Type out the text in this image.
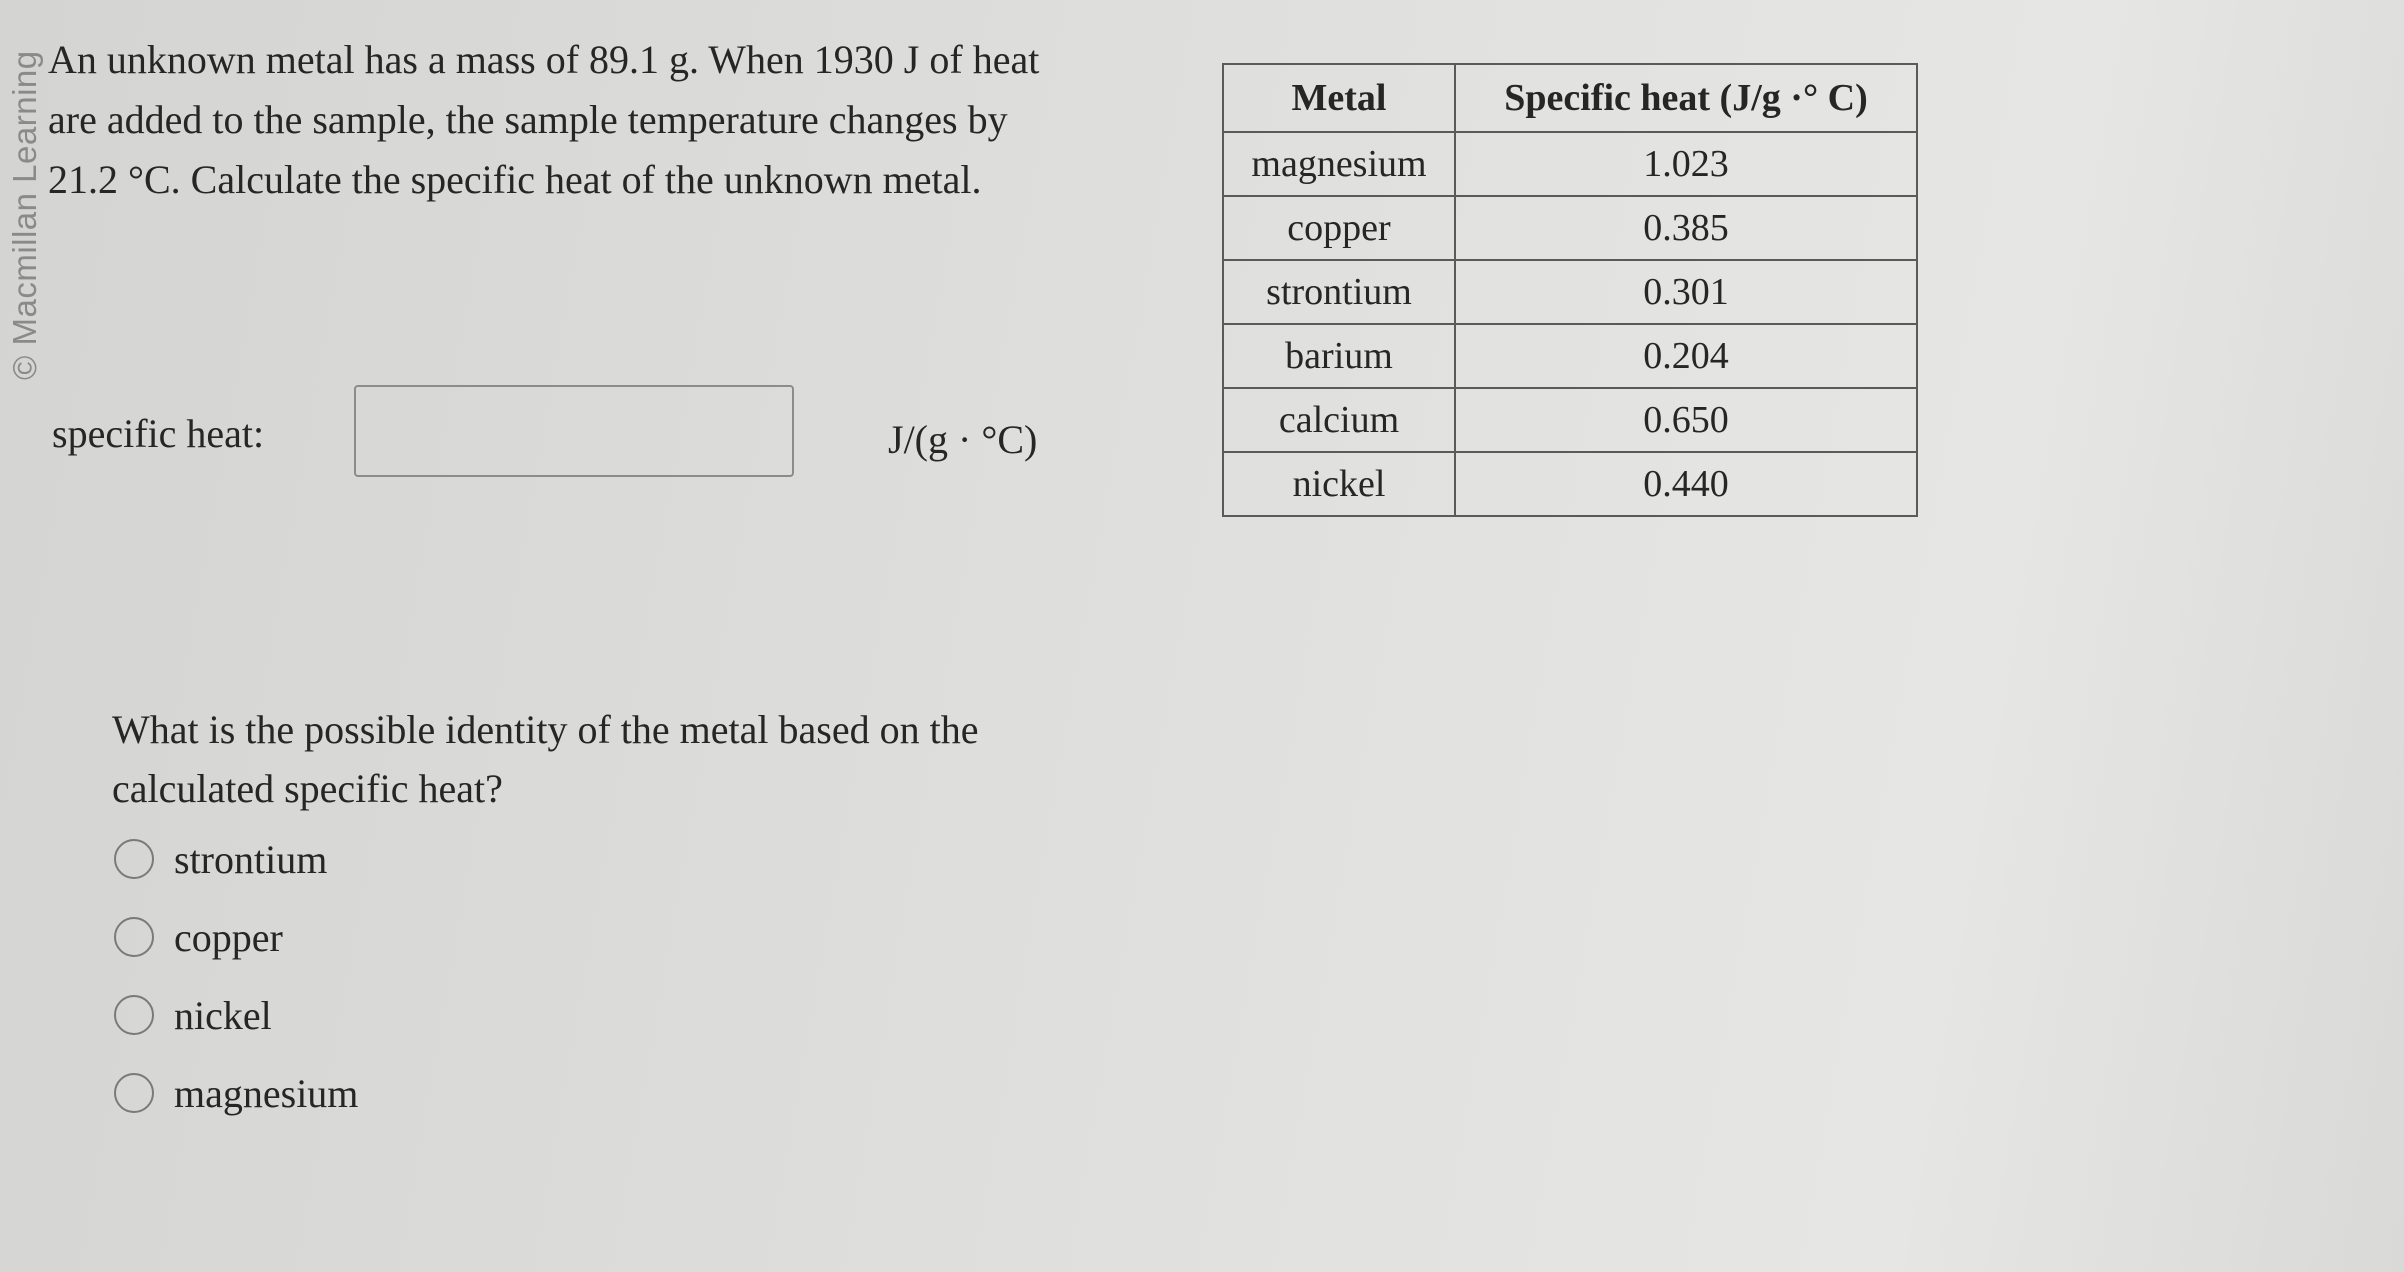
© Macmillan Learning An unknown metal has a mass of 89.1 g. When 1930 J of heat are added to the sample, the sample temperature changes by 21.2 °C. Calculate the specific heat of the unknown metal.
specific heat:	J/(g · °C)
What is the possible identity of the metal based on the calculated specific heat?
strontium
copper
nickel
magnesium
Metal	Specific heat (J/g ·° C)
magnesium	1.023
copper	0.385
strontium	0.301
barium	0.204
calcium	0.650
nickel	0.440
